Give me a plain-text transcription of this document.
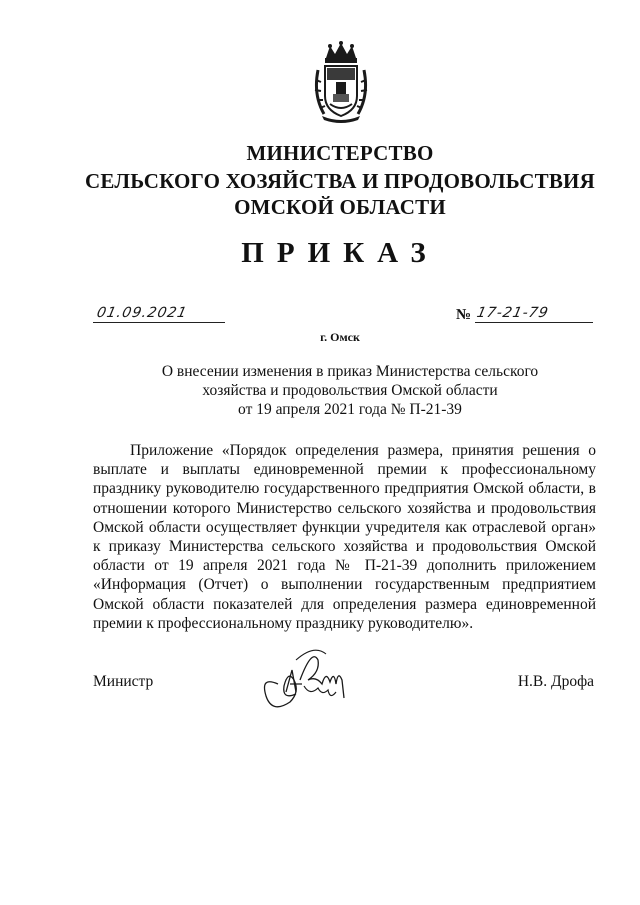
МИНИСТЕРСТВО
СЕЛЬСКОГО ХОЗЯЙСТВА И ПРОДОВОЛЬСТВИЯ
ОМСКОЙ ОБЛАСТИ
ПРИКАЗ
01.09.2021	№ 17-21-79
г. Омск
О внесении изменения в приказ Министерства сельского
хозяйства и продовольствия Омской области
от 19 апреля 2021 года № П-21-39
Приложение «Порядок определения размера, принятия решения о выплате и выплаты единовременной премии к профессиональному празднику руководителю государственного предприятия Омской области, в отношении которого Министерство сельского хозяйства и продовольствия Омской области осуществляет функции учредителя как отраслевой орган» к приказу Министерства сельского хозяйства и продовольствия Омской области от 19 апреля 2021 года № П-21-39 дополнить приложением «Информация (Отчет) о выполнении государственным предприятием Омской области показателей для определения размера единовременной премии к профессиональному празднику руководителю».
Министр	Н.В. Дрофа
